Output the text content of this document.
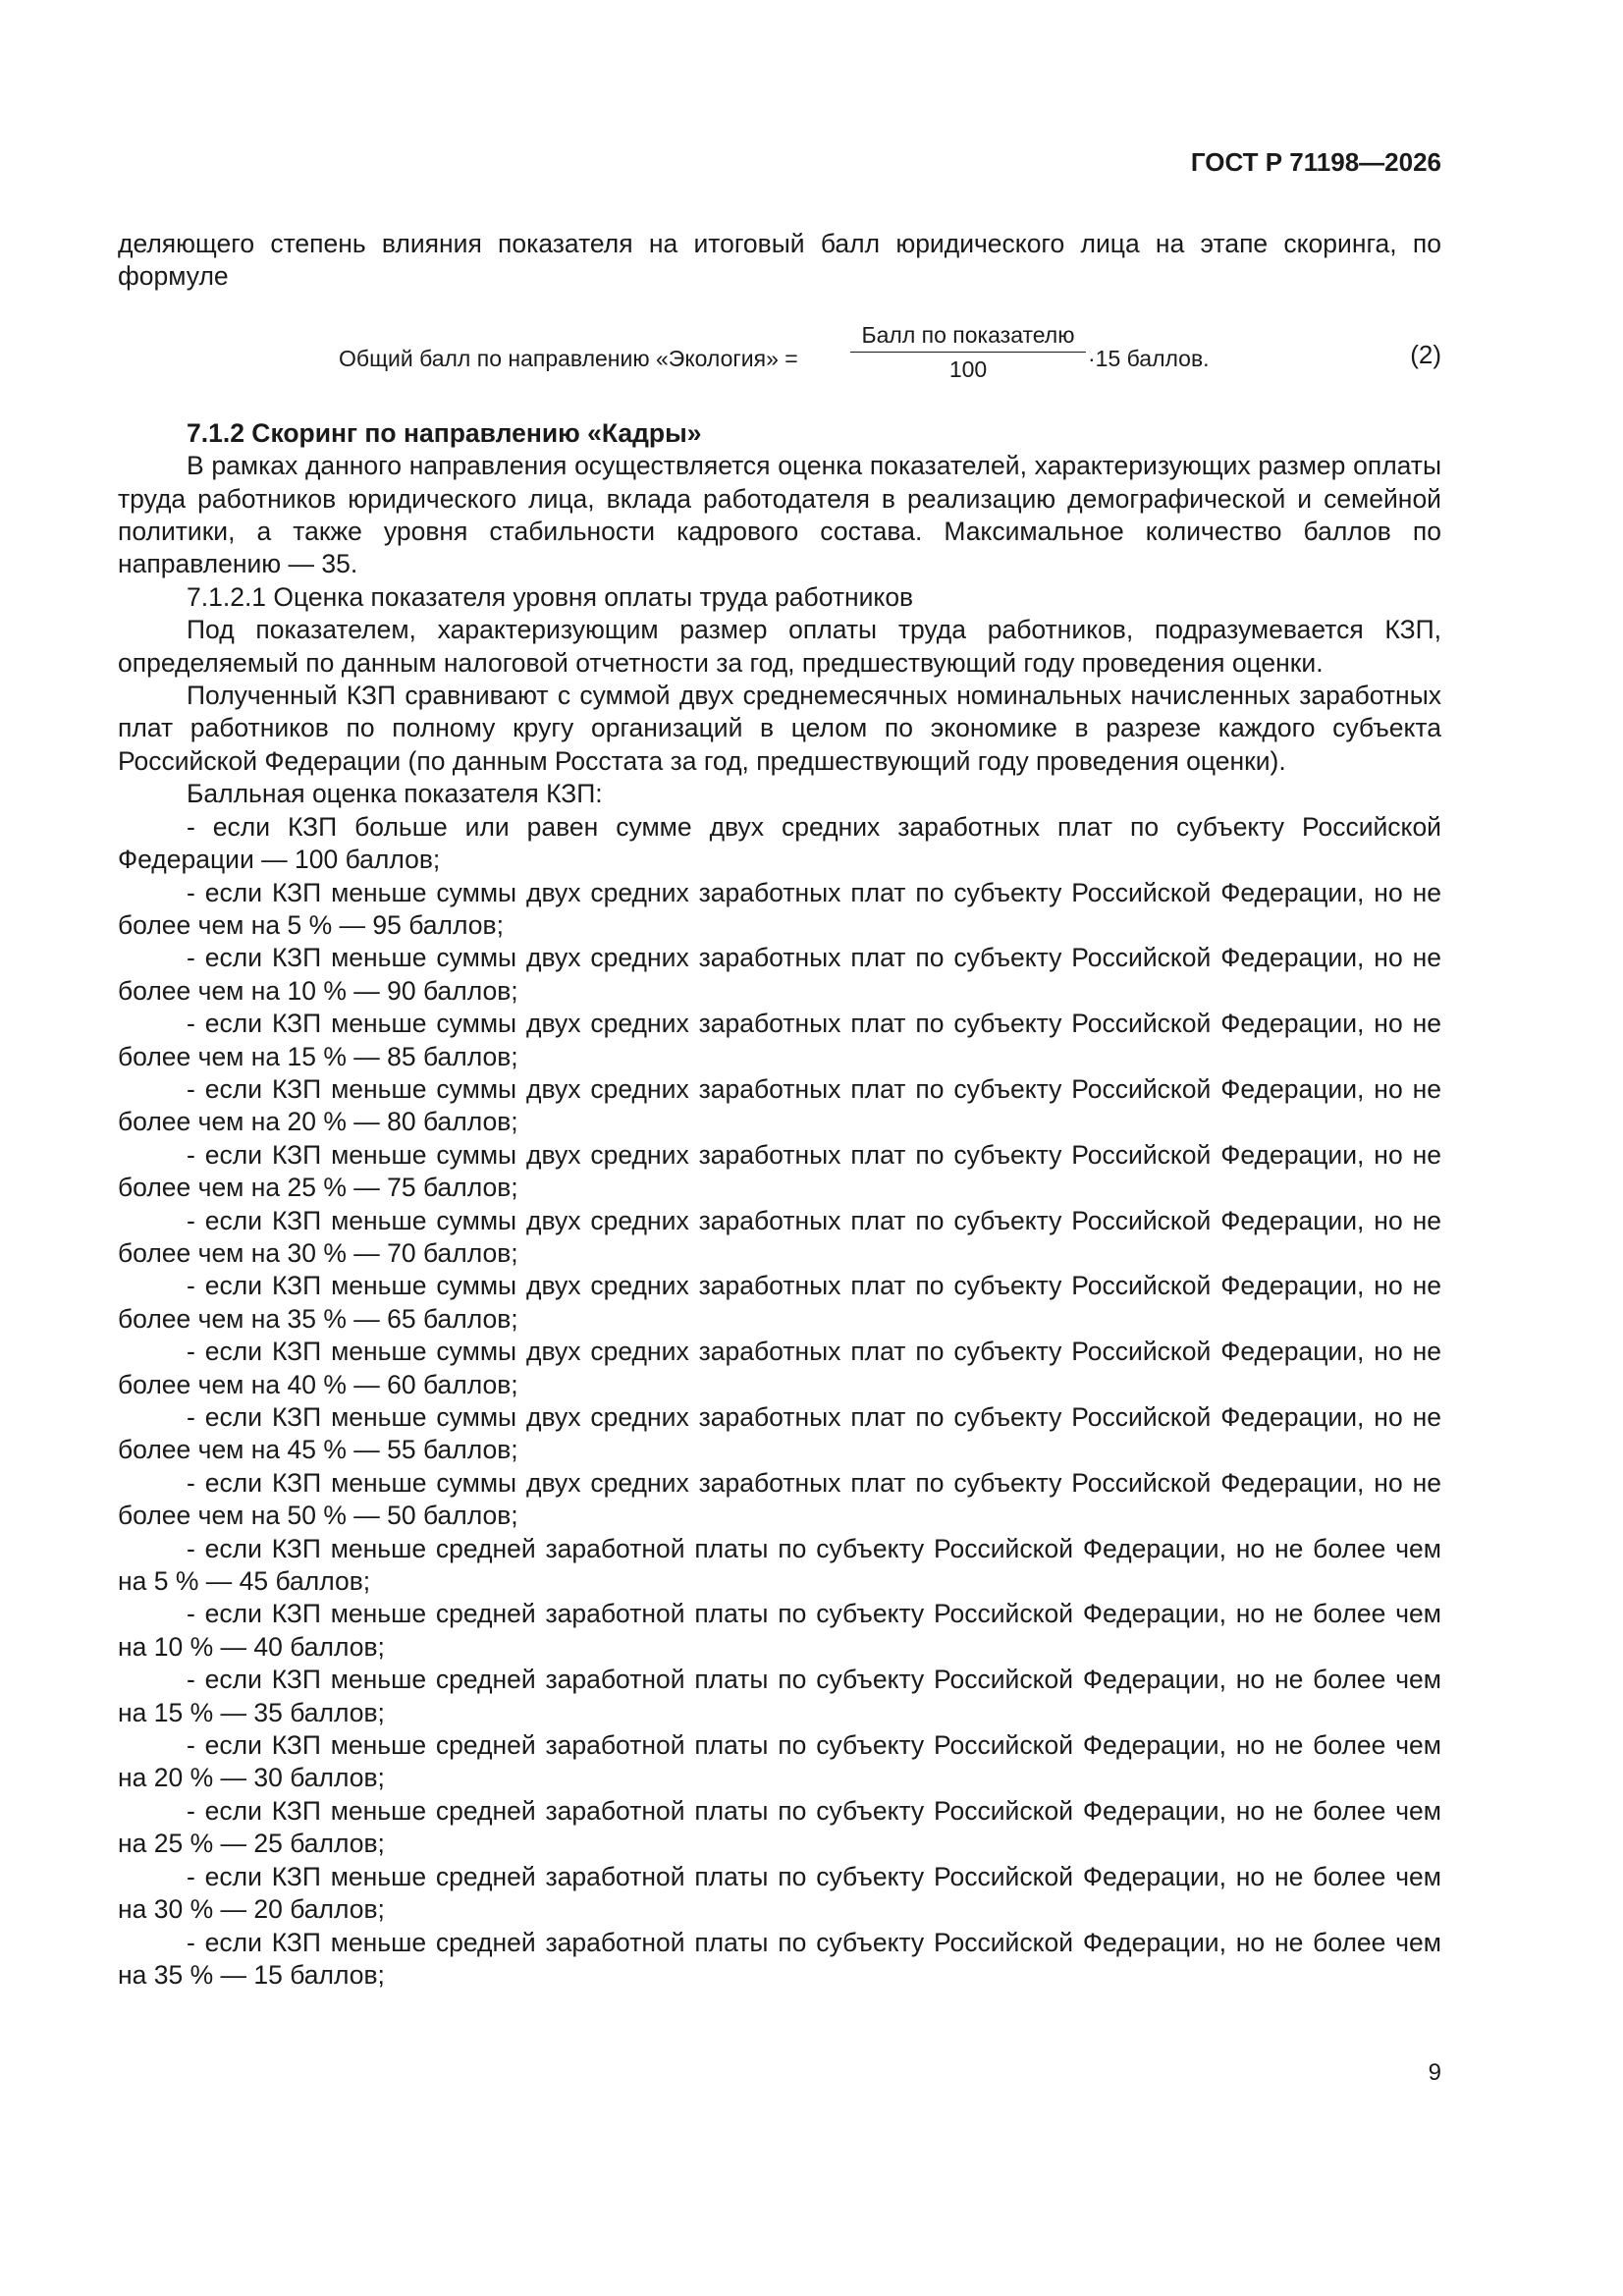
ГОСТ Р 71198—2026

деляющего степень влияния показателя на итоговый балл юридического лица на этапе скоринга, по формуле

Общий балл по направлению «Экология» =
Балл по показателю
100	·15 баллов.	(2)

7.1.2 Скоринг по направлению «Кадры»

В рамках данного направления осуществляется оценка показателей, характеризующих размер оплаты труда работников юридического лица, вклада работодателя в реализацию демографической и семейной политики, а также уровня стабильности кадрового состава. Максимальное количество баллов по направлению — 35.

7.1.2.1 Оценка показателя уровня оплаты труда работников

Под показателем, характеризующим размер оплаты труда работников, подразумевается КЗП, определяемый по данным налоговой отчетности за год, предшествующий году проведения оценки.

Полученный КЗП сравнивают с суммой двух среднемесячных номинальных начисленных заработных плат работников по полному кругу организаций в целом по экономике в разрезе каждого субъекта Российской Федерации (по данным Росстата за год, предшествующий году проведения оценки).

Балльная оценка показателя КЗП:

- если КЗП больше или равен сумме двух средних заработных плат по субъекту Российской Федерации — 100 баллов;
- если КЗП меньше суммы двух средних заработных плат по субъекту Российской Федерации, но не более чем на 5 % — 95 баллов;
- если КЗП меньше суммы двух средних заработных плат по субъекту Российской Федерации, но не более чем на 10 % — 90 баллов;
- если КЗП меньше суммы двух средних заработных плат по субъекту Российской Федерации, но не более чем на 15 % — 85 баллов;
- если КЗП меньше суммы двух средних заработных плат по субъекту Российской Федерации, но не более чем на 20 % — 80 баллов;
- если КЗП меньше суммы двух средних заработных плат по субъекту Российской Федерации, но не более чем на 25 % — 75 баллов;
- если КЗП меньше суммы двух средних заработных плат по субъекту Российской Федерации, но не более чем на 30 % — 70 баллов;
- если КЗП меньше суммы двух средних заработных плат по субъекту Российской Федерации, но не более чем на 35 % — 65 баллов;
- если КЗП меньше суммы двух средних заработных плат по субъекту Российской Федерации, но не более чем на 40 % — 60 баллов;
- если КЗП меньше суммы двух средних заработных плат по субъекту Российской Федерации, но не более чем на 45 % — 55 баллов;
- если КЗП меньше суммы двух средних заработных плат по субъекту Российской Федерации, но не более чем на 50 % — 50 баллов;
- если КЗП меньше средней заработной платы по субъекту Российской Федерации, но не более чем на 5 % — 45 баллов;
- если КЗП меньше средней заработной платы по субъекту Российской Федерации, но не более чем на 10 % — 40 баллов;
- если КЗП меньше средней заработной платы по субъекту Российской Федерации, но не более чем на 15 % — 35 баллов;
- если КЗП меньше средней заработной платы по субъекту Российской Федерации, но не более чем на 20 % — 30 баллов;
- если КЗП меньше средней заработной платы по субъекту Российской Федерации, но не более чем на 25 % — 25 баллов;
- если КЗП меньше средней заработной платы по субъекту Российской Федерации, но не более чем на 30 % — 20 баллов;
- если КЗП меньше средней заработной платы по субъекту Российской Федерации, но не более чем на 35 % — 15 баллов;
9
